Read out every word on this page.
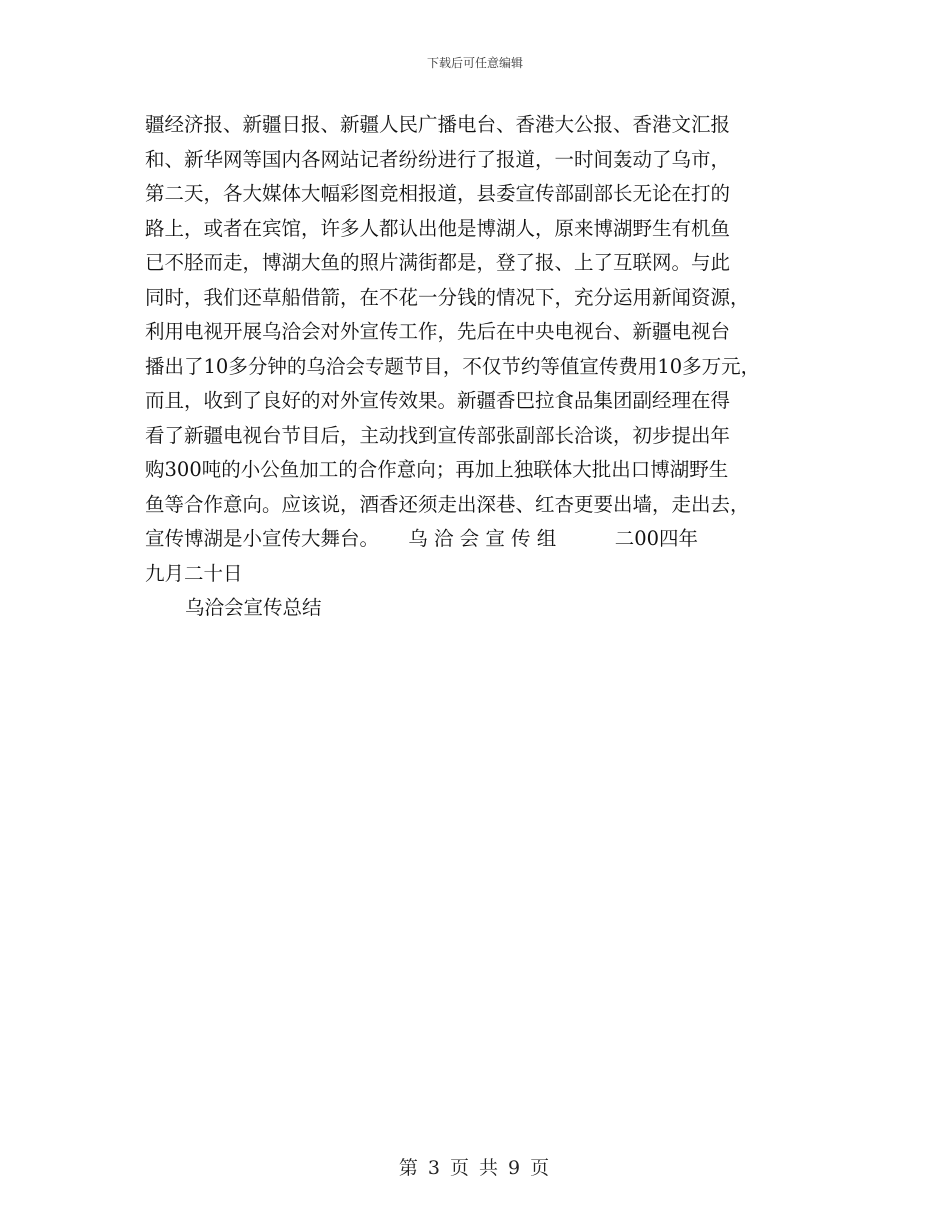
下载后可任意编辑
疆经济报、新疆日报、新疆人民广播电台、香港大公报、香港文汇报
和、新华网等国内各网站记者纷纷进行了报道，一时间轰动了乌市，
第二天，各大媒体大幅彩图竞相报道，县委宣传部副部长无论在打的
路上，或者在宾馆，许多人都认出他是博湖人，原来博湖野生有机鱼
已不胫而走，博湖大鱼的照片满街都是，登了报、上了互联网。与此
同时，我们还草船借箭，在不花一分钱的情况下，充分运用新闻资源，
利用电视开展乌洽会对外宣传工作，先后在中央电视台、新疆电视台
播出了10多分钟的乌洽会专题节目，不仅节约等值宣传费用10多万元，
而且，收到了良好的对外宣传效果。新疆香巴拉食品集团副经理在得
看了新疆电视台节目后，主动找到宣传部张副部长洽谈，初步提出年
购300吨的小公鱼加工的合作意向；再加上独联体大批出口博湖野生
鱼等合作意向。应该说，酒香还须走出深巷、红杏更要出墙，走出去，
宣传博湖是小宣传大舞台。　　乌 洽 会 宣 传 组　　　二00四年
九月二十日
乌洽会宣传总结
第 3 页 共 9 页
